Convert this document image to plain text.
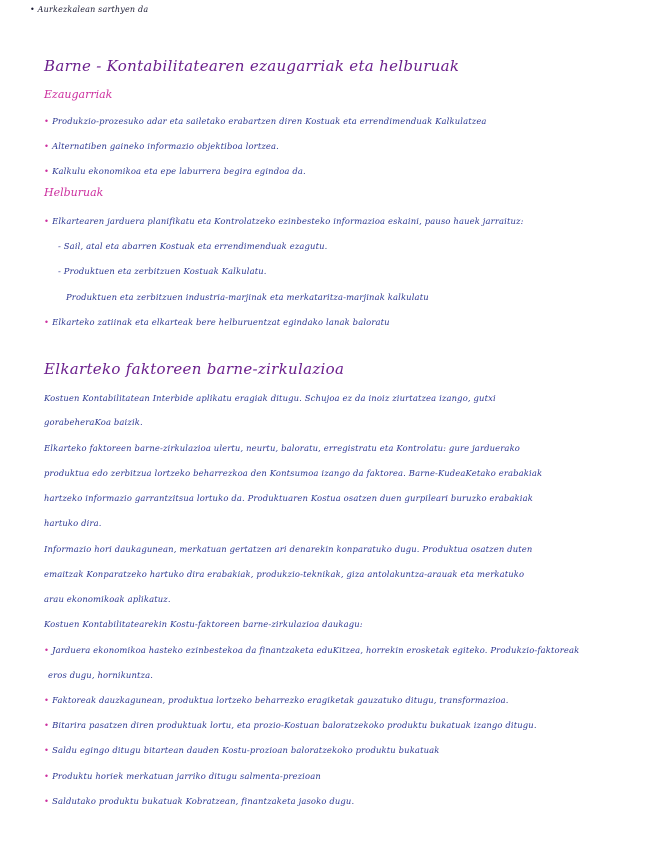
• Aurkezkalean sarthyen da
Barne - Kontabilitatearen ezaugarriak eta helburuak
Ezaugarriak
• Produkzio-prozesuko adar eta sailetako erabartzen diren Kostuak eta errendimenduak Kalkulatzea
• Alternatiben gaineko informazio objektiboa lortzea.
• Kalkulu ekonomikoa eta epe laburrera begira egindoa da.
Helburuak
• Elkartearen jarduera planifikatu eta Kontrolatzeko ezinbesteko informazioa eskaini, pauso hauek jarraituz:
- Sail, atal eta abarren Kostuak eta errendimenduak ezagutu.
- Produktuen eta zerbitzuen Kostuak Kalkulatu.
Produktuen eta zerbitzuen industria-marjinak eta merkataritza-marjinak kalkulatu
• Elkarteko zatiinak eta elkarteak bere helburuentzat egindako lanak baloratu
Elkarteko faktoreen barne-zirkulazioa
Kostuen Kontabilitatean Interbide aplikatu eragiak ditugu. Schujoa ez da inoiz ziurtatzea izango, gutxi
gorabeheraKoa baizik.
Elkarteko faktoreen barne-zirkulazioa ulertu, neurtu, baloratu, erregistratu eta Kontrolatu: gure jarduerako
produktua edo zerbitzua lortzeko beharrezkoa den Kontsumoa izango da faktorea. Barne-KudeaKetako erabakiak
hartzeko informazio garrantzitsua lortuko da. Produktuaren Kostua osatzen duen gurpileari buruzko erabakiak
hartuko dira.
Informazio hori daukagunean, merkatuan gertatzen ari denarekin konparatuko dugu. Produktua osatzen duten
emaitzak Konparatzeko hartuko dira erabakiak, produkzio-teknikak, giza antolakuntza-arauak eta merkatuko
arau ekonomikoak aplikatuz.
Kostuen Kontabilitatearekin Kostu-faktoreen barne-zirkulazioa daukagu:
• Jarduera ekonomikoa hasteko ezinbestekoa da finantzaketa eduKitzea, horrekin erosketak egiteko. Produkzio-faktoreak
eros dugu, hornikuntza.
• Faktoreak dauzkagunean, produktua lortzeko beharrezko eragiketak gauzatuko ditugu, transformazioa.
• Bitarira pasatzen diren produktuak lortu, eta prozio-Kostuan baloratzekoko produktu bukatuak izango ditugu.
• Saldu egingo ditugu bitartean dauden Kostu-prozioan baloratzekoko produktu bukatuak
• Produktu horiek merkatuan jarriko ditugu salmenta-prezioan
• Saldutako produktu bukatuak Kobratzean, finantzaketa jasoko dugu.
